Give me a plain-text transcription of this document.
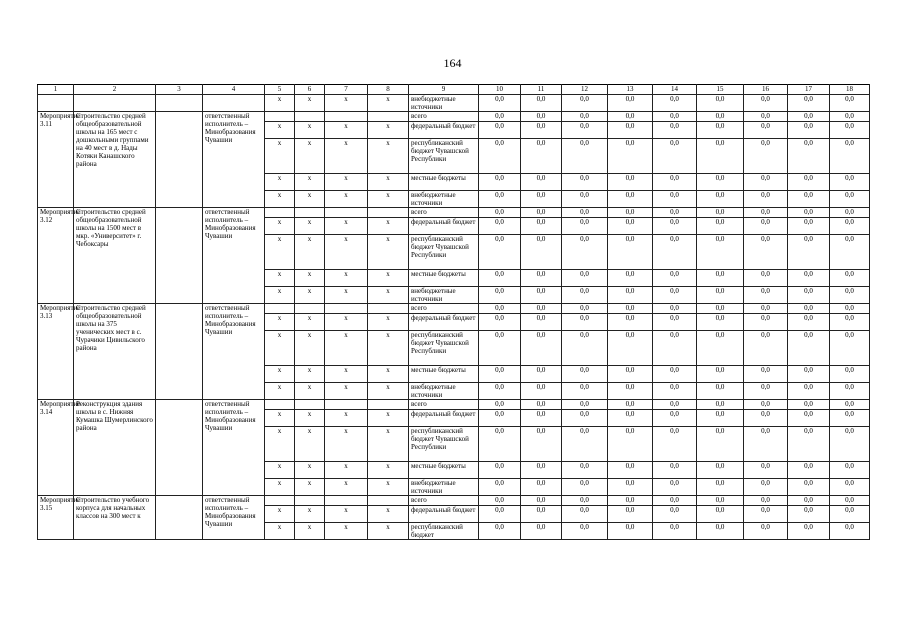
164
1	2	3	4	5	6	7	8	9	10	11	12	13	14	15	16	17	18
				х	х	х	х	внебюджетные источники	0,0	0,0	0,0	0,0	0,0	0,0	0,0	0,0	0,0
Мероприятие 3.11	Строительство средней общеобразовательной школы на 165 мест с дошкольными группами на 40 мест в д. Нады Котяки Канашского района		ответственный исполнитель – Минобразования Чувашии					всего	0,0	0,0	0,0	0,0	0,0	0,0	0,0	0,0	0,0
				х	х	х	х	федеральный бюджет	0,0	0,0	0,0	0,0	0,0	0,0	0,0	0,0	0,0
				х	х	х	х	республиканский бюджет Чувашской Республики	0,0	0,0	0,0	0,0	0,0	0,0	0,0	0,0	0,0
				х	х	х	х	местные бюджеты	0,0	0,0	0,0	0,0	0,0	0,0	0,0	0,0	0,0
				х	х	х	х	внебюджетные источники	0,0	0,0	0,0	0,0	0,0	0,0	0,0	0,0	0,0
Мероприятие 3.12	Строительство средней общеобразовательной школы на 1500 мест в мкр. «Университет» г. Чебоксары		ответственный исполнитель – Минобразования Чувашии					всего	0,0	0,0	0,0	0,0	0,0	0,0	0,0	0,0	0,0
				х	х	х	х	федеральный бюджет	0,0	0,0	0,0	0,0	0,0	0,0	0,0	0,0	0,0
				х	х	х	х	республиканский бюджет Чувашской Республики	0,0	0,0	0,0	0,0	0,0	0,0	0,0	0,0	0,0
				х	х	х	х	местные бюджеты	0,0	0,0	0,0	0,0	0,0	0,0	0,0	0,0	0,0
				х	х	х	х	внебюджетные источники	0,0	0,0	0,0	0,0	0,0	0,0	0,0	0,0	0,0
Мероприятие 3.13	Строительство средней общеобразовательной школы на 375 ученических мест в с. Чурачики Цивильского района		ответственный исполнитель – Минобразования Чувашии					всего	0,0	0,0	0,0	0,0	0,0	0,0	0,0	0,0	0,0
				х	х	х	х	федеральный бюджет	0,0	0,0	0,0	0,0	0,0	0,0	0,0	0,0	0,0
				х	х	х	х	республиканский бюджет Чувашской Республики	0,0	0,0	0,0	0,0	0,0	0,0	0,0	0,0	0,0
				х	х	х	х	местные бюджеты	0,0	0,0	0,0	0,0	0,0	0,0	0,0	0,0	0,0
				х	х	х	х	внебюджетные источники	0,0	0,0	0,0	0,0	0,0	0,0	0,0	0,0	0,0
Мероприятие 3.14	Реконструкция здания школы в с. Нижняя Кумашка Шумерлинского района		ответственный исполнитель – Минобразования Чувашии					всего	0,0	0,0	0,0	0,0	0,0	0,0	0,0	0,0	0,0
				х	х	х	х	федеральный бюджет	0,0	0,0	0,0	0,0	0,0	0,0	0,0	0,0	0,0
				х	х	х	х	республиканский бюджет Чувашской Республики	0,0	0,0	0,0	0,0	0,0	0,0	0,0	0,0	0,0
				х	х	х	х	местные бюджеты	0,0	0,0	0,0	0,0	0,0	0,0	0,0	0,0	0,0
				х	х	х	х	внебюджетные источники	0,0	0,0	0,0	0,0	0,0	0,0	0,0	0,0	0,0
Мероприятие 3.15	Строительство учебного корпуса для начальных классов на 300 мест к		ответственный исполнитель – Минобразования Чувашии					всего	0,0	0,0	0,0	0,0	0,0	0,0	0,0	0,0	0,0
				х	х	х	х	федеральный бюджет	0,0	0,0	0,0	0,0	0,0	0,0	0,0	0,0	0,0
				х	х	х	х	республиканский бюджет	0,0	0,0	0,0	0,0	0,0	0,0	0,0	0,0	0,0
